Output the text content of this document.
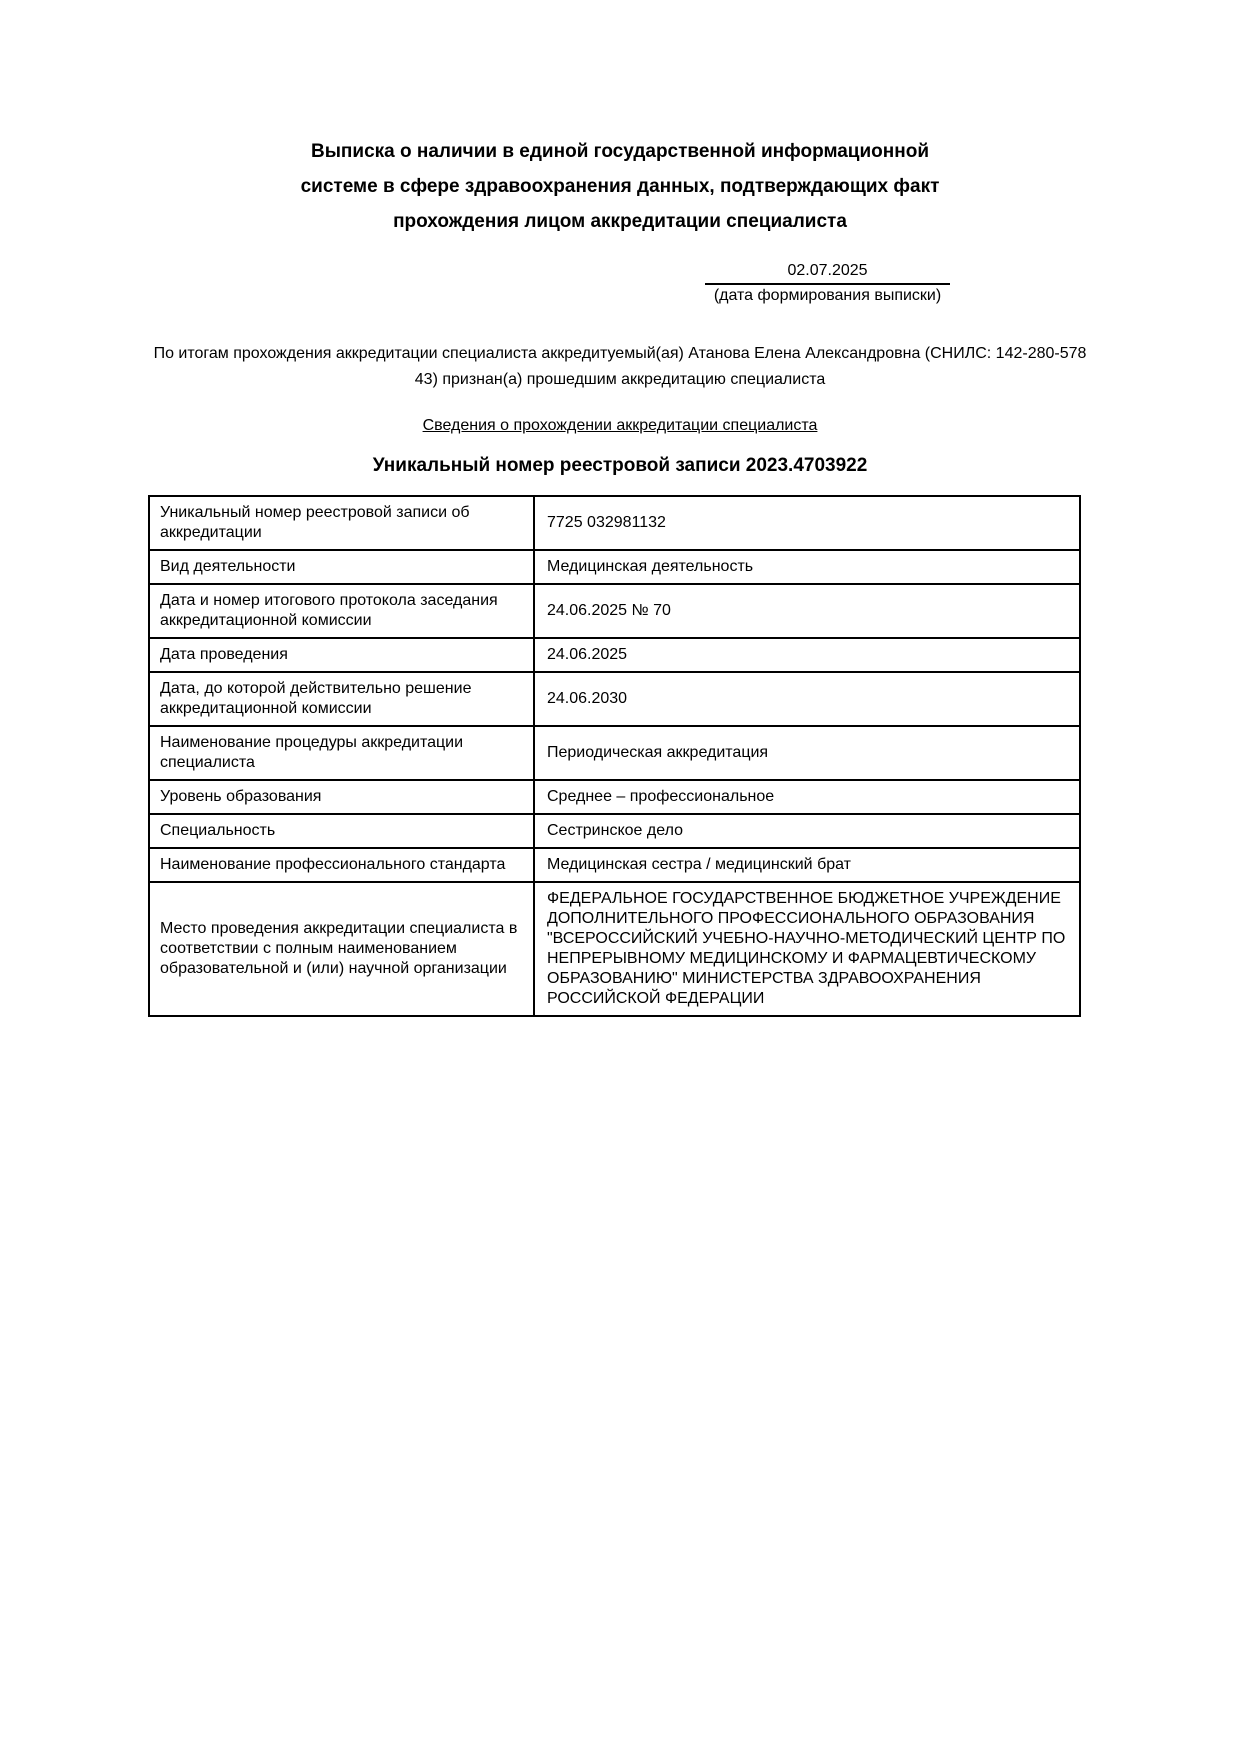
Выписка о наличии в единой государственной информационной
системе в сфере здравоохранения данных, подтверждающих факт
прохождения лицом аккредитации специалиста
02.07.2025
(дата формирования выписки)
По итогам прохождения аккредитации специалиста аккредитуемый(ая) Атанова Елена Александровна (СНИЛС: 142-280-578 43) признан(а) прошедшим аккредитацию специалиста
Сведения о прохождении аккредитации специалиста
Уникальный номер реестровой записи 2023.4703922
Уникальный номер реестровой записи об аккредитации	7725 032981132
Вид деятельности	Медицинская деятельность
Дата и номер итогового протокола заседания аккредитационной комиссии	24.06.2025 № 70
Дата проведения	24.06.2025
Дата, до которой действительно решение аккредитационной комиссии	24.06.2030
Наименование процедуры аккредитации специалиста	Периодическая аккредитация
Уровень образования	Среднее – профессиональное
Специальность	Сестринское дело
Наименование профессионального стандарта	Медицинская сестра / медицинский брат
Место проведения аккредитации специалиста в соответствии с полным наименованием образовательной и (или) научной организации	ФЕДЕРАЛЬНОЕ ГОСУДАРСТВЕННОЕ БЮДЖЕТНОЕ УЧРЕЖДЕНИЕ ДОПОЛНИТЕЛЬНОГО ПРОФЕССИОНАЛЬНОГО ОБРАЗОВАНИЯ "ВСЕРОССИЙСКИЙ УЧЕБНО-НАУЧНО-МЕТОДИЧЕСКИЙ ЦЕНТР ПО НЕПРЕРЫВНОМУ МЕДИЦИНСКОМУ И ФАРМАЦЕВТИЧЕСКОМУ ОБРАЗОВАНИЮ" МИНИСТЕРСТВА ЗДРАВООХРАНЕНИЯ РОССИЙСКОЙ ФЕДЕРАЦИИ
